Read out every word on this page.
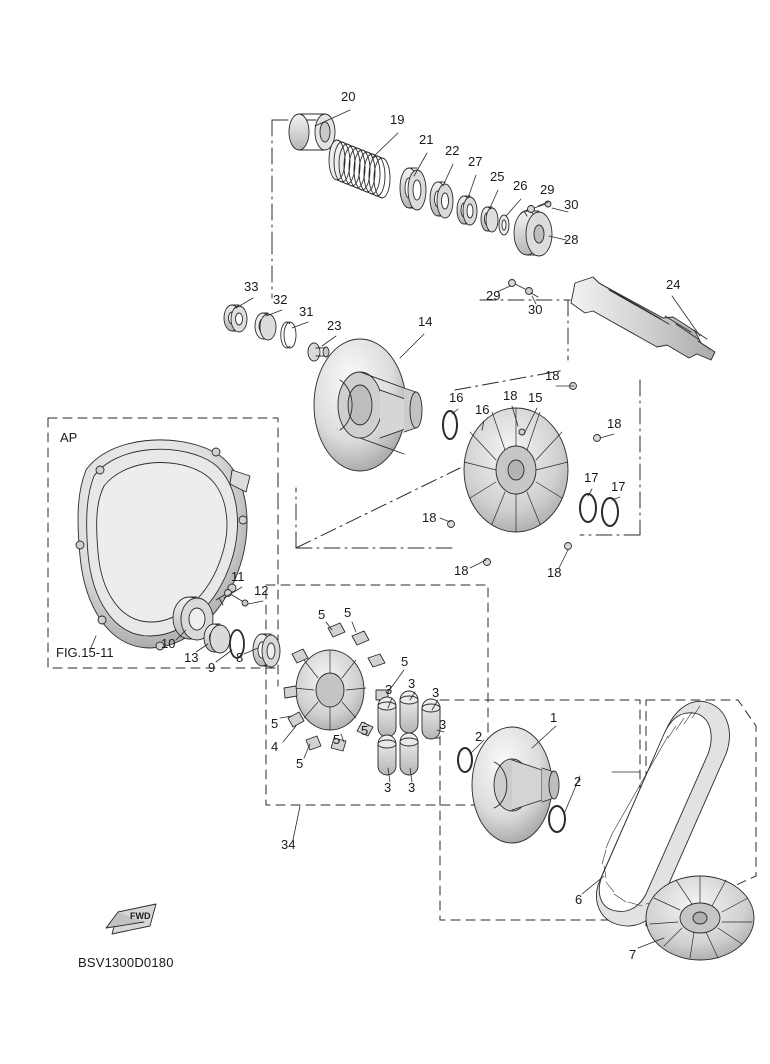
20
19
21
22
27
25
26 29
30
28
29
30
24
33
32
31
23	14
16
16
18 15
18
18
17
17
18
18	18
11
12
10
13
9
8
5 5
5
5
5
5
5
4
3 3
3
3
3
3
34
2
1
2
6
7
AP
FIG.15-11
FWD
BSV1300D0180
